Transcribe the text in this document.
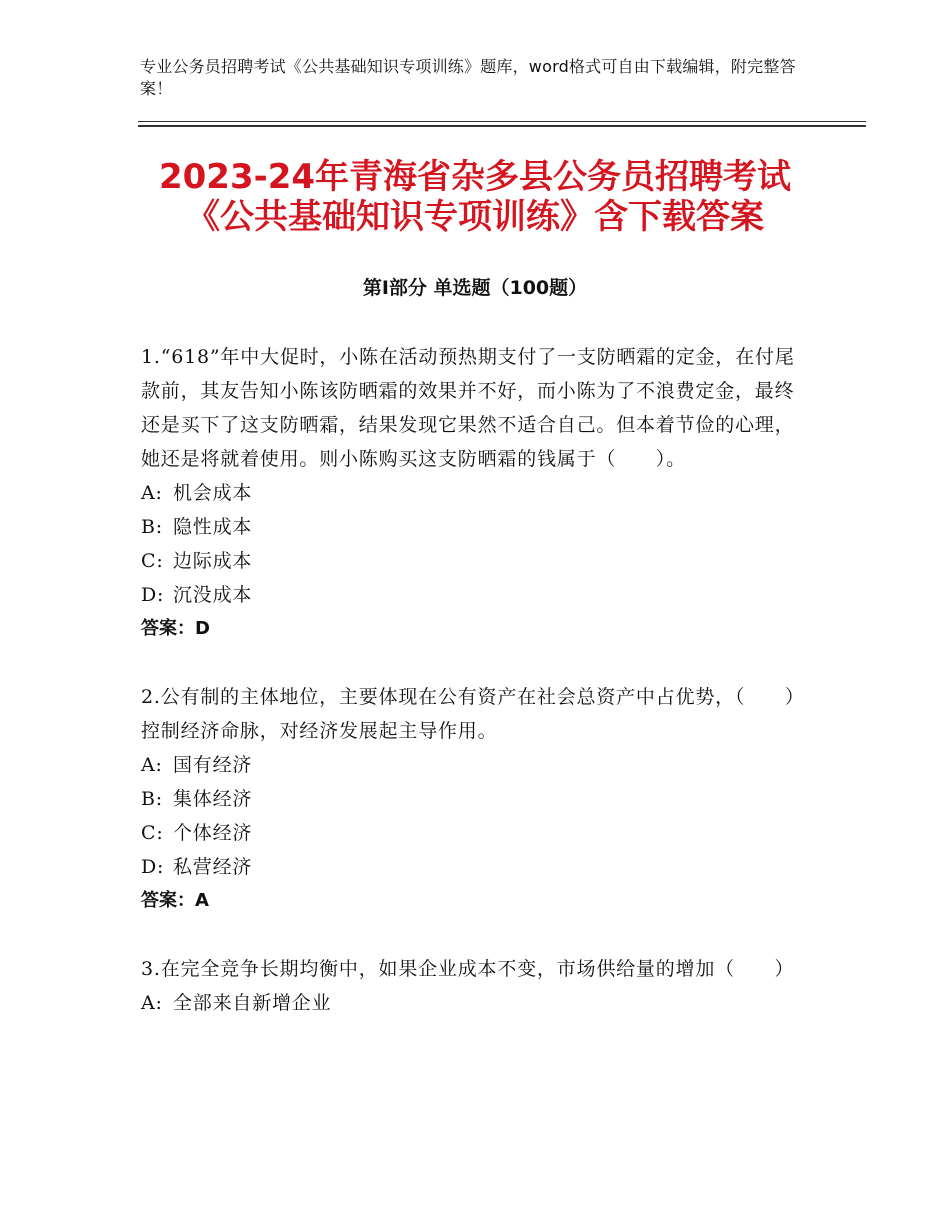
专业公务员招聘考试《公共基础知识专项训练》题库，word格式可自由下载编辑，附完整答案！
2023-24年青海省杂多县公务员招聘考试
《公共基础知识专项训练》含下载答案
第Ⅰ部分 单选题（100题）

1.“618”年中大促时，小陈在活动预热期支付了一支防晒霜的定金，在付尾款前，其友告知小陈该防晒霜的效果并不好，而小陈为了不浪费定金，最终还是买下了这支防晒霜，结果发现它果然不适合自己。但本着节俭的心理，她还是将就着使用。则小陈购买这支防晒霜的钱属于（　　）。

A: 机会成本

B: 隐性成本

C: 边际成本

D: 沉没成本

答案：D

2.公有制的主体地位，主要体现在公有资产在社会总资产中占优势，（　　）控制经济命脉，对经济发展起主导作用。

A: 国有经济

B: 集体经济

C: 个体经济

D: 私营经济

答案：A

3.在完全竞争长期均衡中，如果企业成本不变，市场供给量的增加（　　）

A: 全部来自新增企业
